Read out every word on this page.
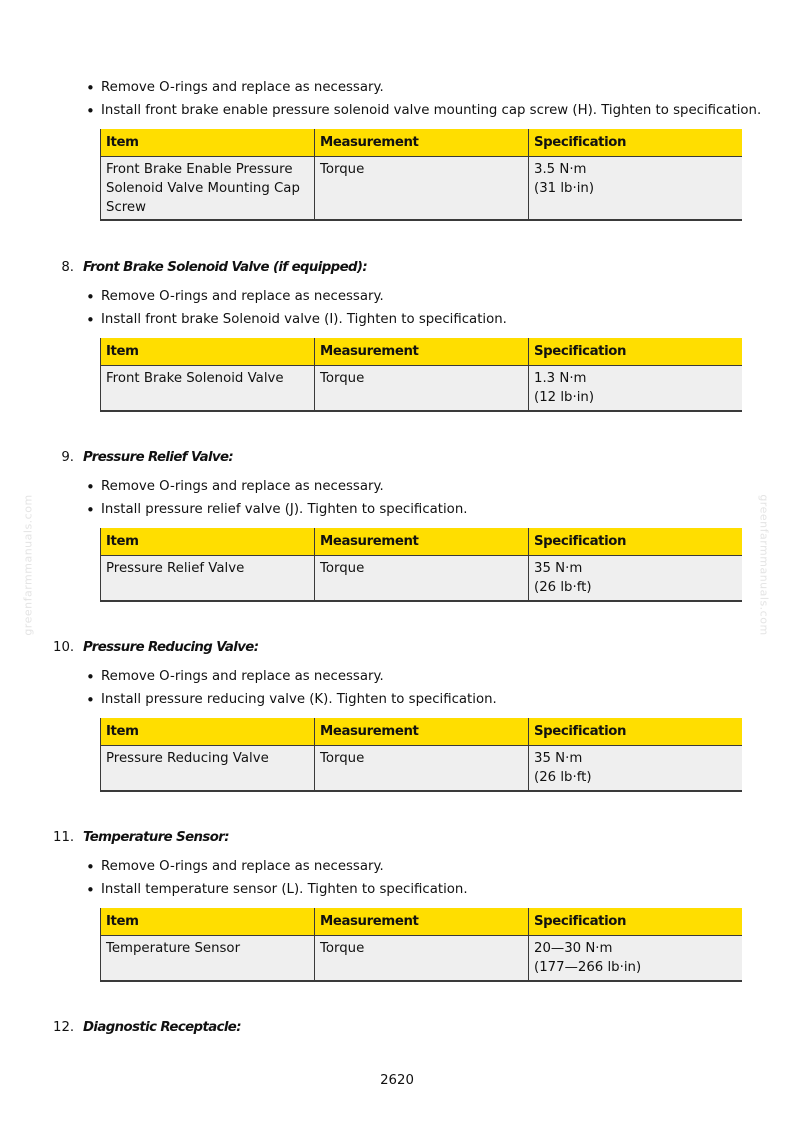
• Remove O-rings and replace as necessary.
• Install front brake enable pressure solenoid valve mounting cap screw (H). Tighten to specification.
Item	Measurement	Specification

Front Brake Enable Pressure
Solenoid Valve Mounting Cap
Screw	Torque	3.5 N·m
(31 lb·in)
8. Front Brake Solenoid Valve (if equipped):
• Remove O-rings and replace as necessary.
• Install front brake Solenoid valve (I). Tighten to specification.
Item	Measurement	Specification

Front Brake Solenoid Valve	Torque	1.3 N·m
(12 lb·in)
9. Pressure Relief Valve:
• Remove O-rings and replace as necessary.
• Install pressure relief valve (J). Tighten to specification.
Item	Measurement	Specification

Pressure Relief Valve	Torque	35 N·m
(26 lb·ft)
10. Pressure Reducing Valve:
• Remove O-rings and replace as necessary.
• Install pressure reducing valve (K). Tighten to specification.
Item	Measurement	Specification

Pressure Reducing Valve	Torque	35 N·m
(26 lb·ft)
11. Temperature Sensor:
• Remove O-rings and replace as necessary.
• Install temperature sensor (L). Tighten to specification.
Item	Measurement	Specification

Temperature Sensor	Torque	20—30 N·m
(177—266 lb·in)
12. Diagnostic Receptacle:
greenfarmmanuals.com	greenfarmmanuals.com
2620
